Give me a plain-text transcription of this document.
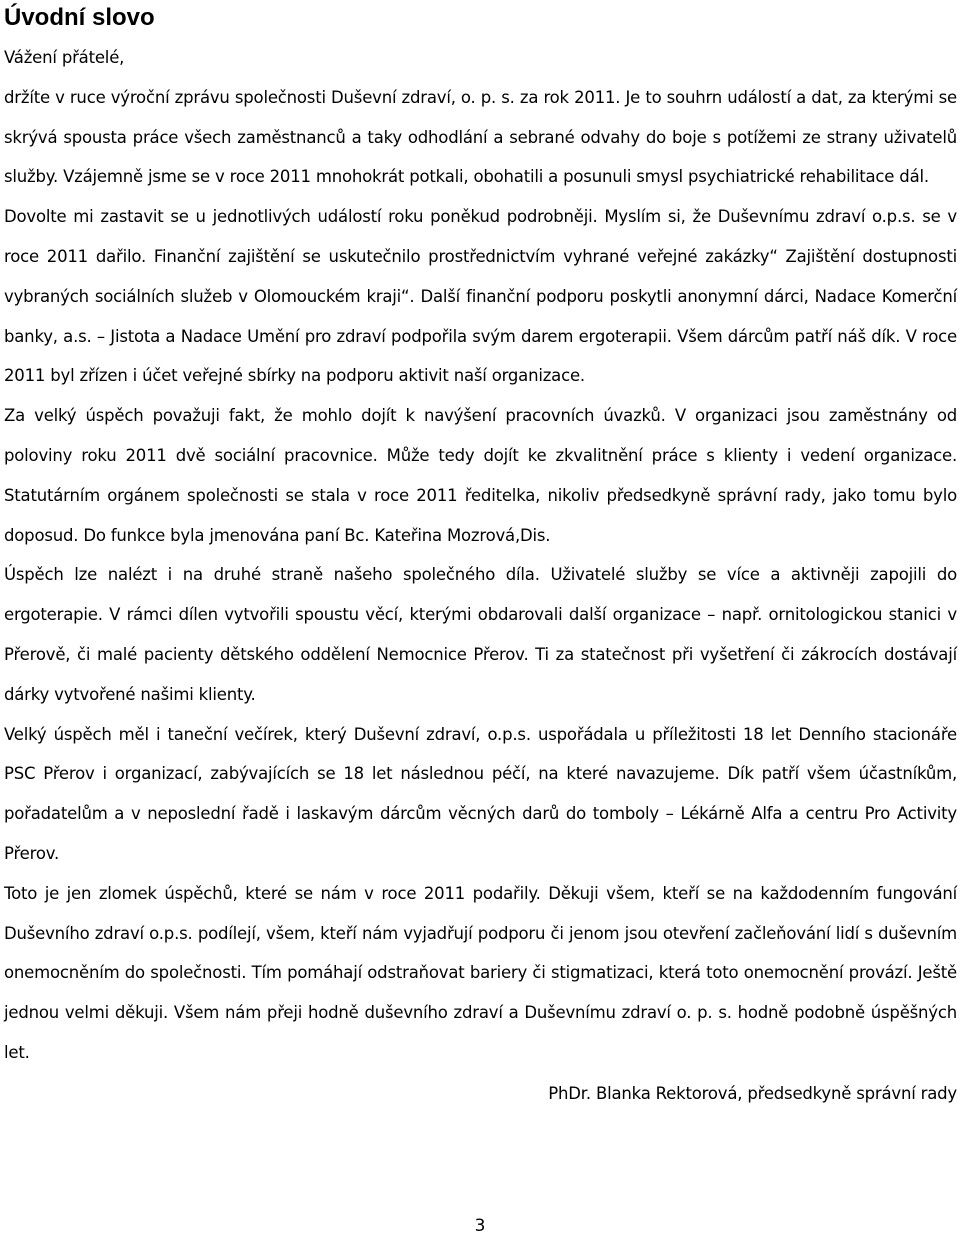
Úvodní slovo

Vážení přátelé,

držíte v ruce výroční zprávu společnosti Duševní zdraví, o. p. s. za rok 2011. Je to souhrn událostí a dat, za kterými se skrývá spousta práce všech zaměstnanců a taky odhodlání a sebrané odvahy do boje s potížemi ze strany uživatelů služby. Vzájemně jsme se v roce 2011 mnohokrát potkali, obohatili a posunuli smysl psychiatrické rehabilitace dál.

Dovolte mi zastavit se u jednotlivých událostí roku poněkud podrobněji. Myslím si, že Duševnímu zdraví o.p.s. se v roce 2011 dařilo. Finanční zajištění se uskutečnilo prostřednictvím vyhrané veřejné zakázky“ Zajištění dostupnosti vybraných sociálních služeb v Olomouckém kraji“. Další finanční podporu poskytli anonymní dárci, Nadace Komerční banky, a.s. – Jistota a Nadace Umění pro zdraví podpořila svým darem ergoterapii. Všem dárcům patří náš dík. V roce 2011 byl zřízen i účet veřejné sbírky na podporu aktivit naší organizace.

Za velký úspěch považuji fakt, že mohlo dojít k navýšení pracovních úvazků. V organizaci jsou zaměstnány od poloviny roku 2011 dvě sociální pracovnice. Může tedy dojít ke zkvalitnění práce s klienty i vedení organizace. Statutárním orgánem společnosti se stala v roce 2011 ředitelka, nikoliv předsedkyně správní rady, jako tomu bylo doposud. Do funkce byla jmenována paní Bc. Kateřina Mozrová,Dis.

Úspěch lze nalézt i na druhé straně našeho společného díla. Uživatelé služby se více a aktivněji zapojili do ergoterapie. V rámci dílen vytvořili spoustu věcí, kterými obdarovali další organizace – např. ornitologickou stanici v Přerově, či malé pacienty dětského oddělení Nemocnice Přerov. Ti za statečnost při vyšetření či zákrocích dostávají dárky vytvořené našimi klienty.

Velký úspěch měl i taneční večírek, který Duševní zdraví, o.p.s. uspořádala u příležitosti 18 let Denního stacionáře PSC Přerov i organizací, zabývajících se 18 let následnou péčí, na které navazujeme. Dík patří všem účastníkům, pořadatelům a v neposlední řadě i laskavým dárcům věcných darů do tomboly – Lékárně Alfa a centru Pro Activity Přerov.

Toto je jen zlomek úspěchů, které se nám v roce 2011 podařily. Děkuji všem, kteří se na každodenním fungování Duševního zdraví o.p.s. podílejí, všem, kteří nám vyjadřují podporu či jenom jsou otevření začleňování lidí s duševním onemocněním do společnosti. Tím pomáhají odstraňovat bariery či stigmatizaci, která toto onemocnění provází. Ještě jednou velmi děkuji. Všem nám přeji hodně duševního zdraví a Duševnímu zdraví o. p. s. hodně podobně úspěšných let.

PhDr. Blanka Rektorová, předsedkyně správní rady

3
